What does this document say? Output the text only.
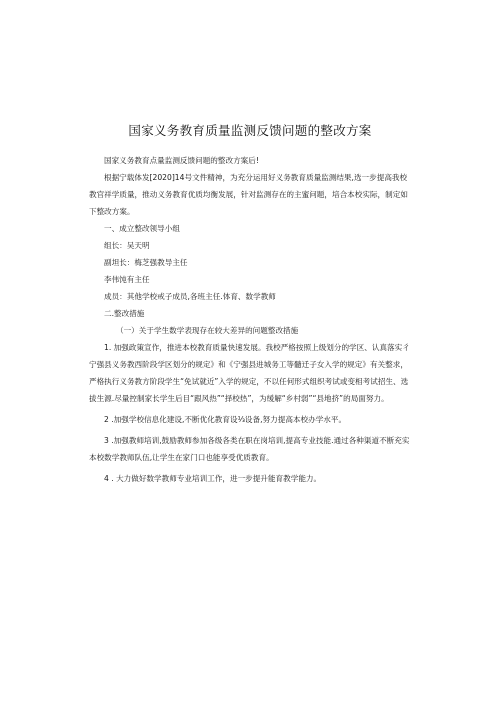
国家义务教育质量监测反馈问题的整改方案

国家义务教育点量监测反馈问题的整改方案后!

根据宁载体发[2020]14号文件精神，为充分运用好义务教育质量监测结果,选一步提高我校教官祥学质量，推动义务教育优质均衡发展，针对监测存在的主蜜问题，培合本校实际，制定如下整改方案。

一、成立整改领导小组

组长：吴天明

副坦长：梅芝强教导主任

李伟饨有主任

成员：其他学校戒子成员,各班主任.体育、数学教师

二.整改措施

（一）关于学生数学表现存在较大差异的问题整改措施

1. 加强政策宣作，推进本校教育质量快速发展。我校严格按照上级划分的学区、认真落实彳宁强县义务教西阶段学区划分的规定》和《宁强县进城务工等髓迁子女入学的规定》有关整求，严格执行义务教方阶段学生“免试就近”入学的规定，不以任何形式组织考试或变相考试招生、选拔生源.尽量控制家长学生后目“跟风热”“择校热”，为缓解“乡村弱”“县地挤”的局面努力。

2 .加强学校信息化建设,不断优化教育设⅓设备,努力提高本校办学水平。

3 .加强教师培训,鼓励教师参加各级各类在职在岗培训,提高专业技能.通过各种渠道不断充实本校数学教师队伍,让学生在家门口也能享受优质教育。

4 . 大力做好数学教师专业培训工作，进一步提升能育教学能力。
